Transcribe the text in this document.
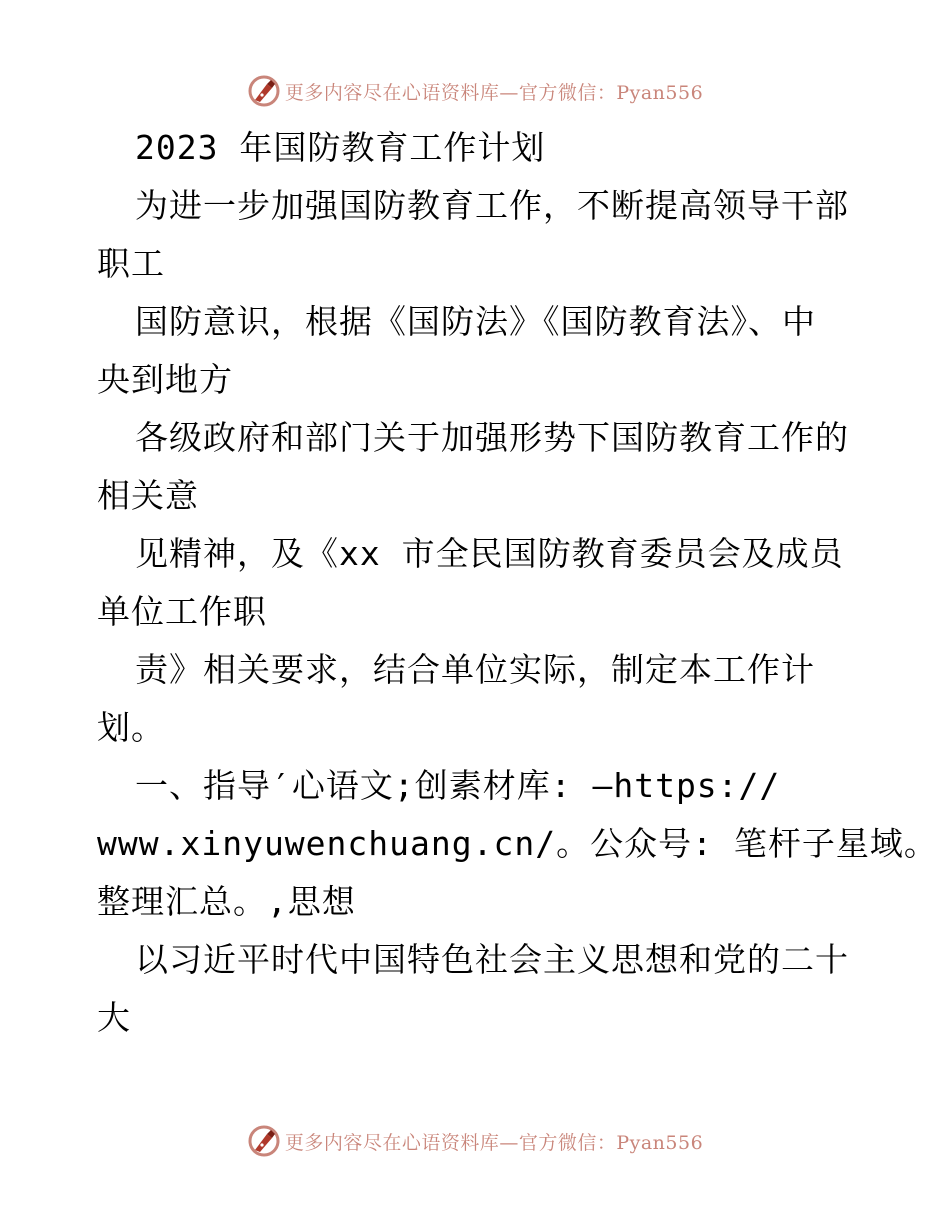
更多内容尽在心语资料库—官方微信：Pyan556
2023 年国防教育工作计划
为进一步加强国防教育工作，不断提高领导干部
职工
国防意识，根据《国防法》《国防教育法》、中
央到地方
各级政府和部门关于加强形势下国防教育工作的
相关意
见精神，及《xx 市全民国防教育委员会及成员
单位工作职
责》相关要求，结合单位实际，制定本工作计
划。
一、指导′心语文;创素材库: —https://
www.xinyuwenchuang.cn/。公众号: 笔杆子星域。
整理汇总。,思想
以习近平时代中国特色社会主义思想和党的二十
大
更多内容尽在心语资料库—官方微信：Pyan556
